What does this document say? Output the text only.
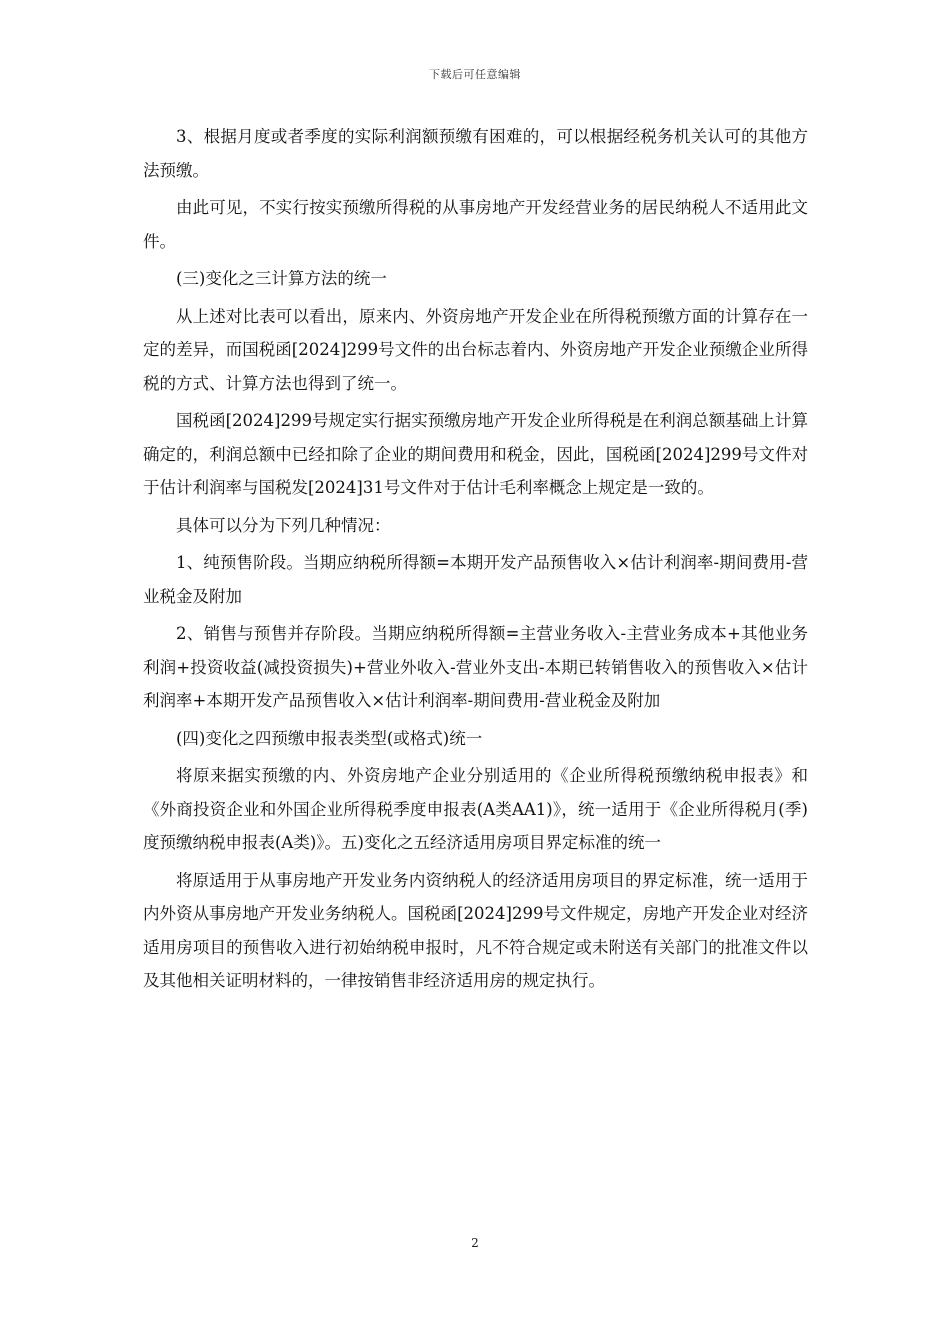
下载后可任意编辑

3、根据月度或者季度的实际利润额预缴有困难的，可以根据经税务机关认可的其他方法预缴。

由此可见，不实行按实预缴所得税的从事房地产开发经营业务的居民纳税人不适用此文件。

(三)变化之三计算方法的统一

从上述对比表可以看出，原来内、外资房地产开发企业在所得税预缴方面的计算存在一定的差异，而国税函[2024]299号文件的出台标志着内、外资房地产开发企业预缴企业所得税的方式、计算方法也得到了统一。

国税函[2024]299号规定实行据实预缴房地产开发企业所得税是在利润总额基础上计算确定的，利润总额中已经扣除了企业的期间费用和税金，因此，国税函[2024]299号文件对于估计利润率与国税发[2024]31号文件对于估计毛利率概念上规定是一致的。

具体可以分为下列几种情况：

1、纯预售阶段。当期应纳税所得额=本期开发产品预售收入×估计利润率-期间费用-营业税金及附加

2、销售与预售并存阶段。当期应纳税所得额=主营业务收入-主营业务成本+其他业务利润+投资收益(减投资损失)+营业外收入-营业外支出-本期已转销售收入的预售收入×估计利润率+本期开发产品预售收入×估计利润率-期间费用-营业税金及附加

(四)变化之四预缴申报表类型(或格式)统一

将原来据实预缴的内、外资房地产企业分别适用的《企业所得税预缴纳税申报表》和《外商投资企业和外国企业所得税季度申报表(A类AA1)》，统一适用于《企业所得税月(季)度预缴纳税申报表(A类)》。五)变化之五经济适用房项目界定标准的统一

将原适用于从事房地产开发业务内资纳税人的经济适用房项目的界定标准，统一适用于内外资从事房地产开发业务纳税人。国税函[2024]299号文件规定，房地产开发企业对经济适用房项目的预售收入进行初始纳税申报时，凡不符合规定或未附送有关部门的批准文件以及其他相关证明材料的，一律按销售非经济适用房的规定执行。

2
